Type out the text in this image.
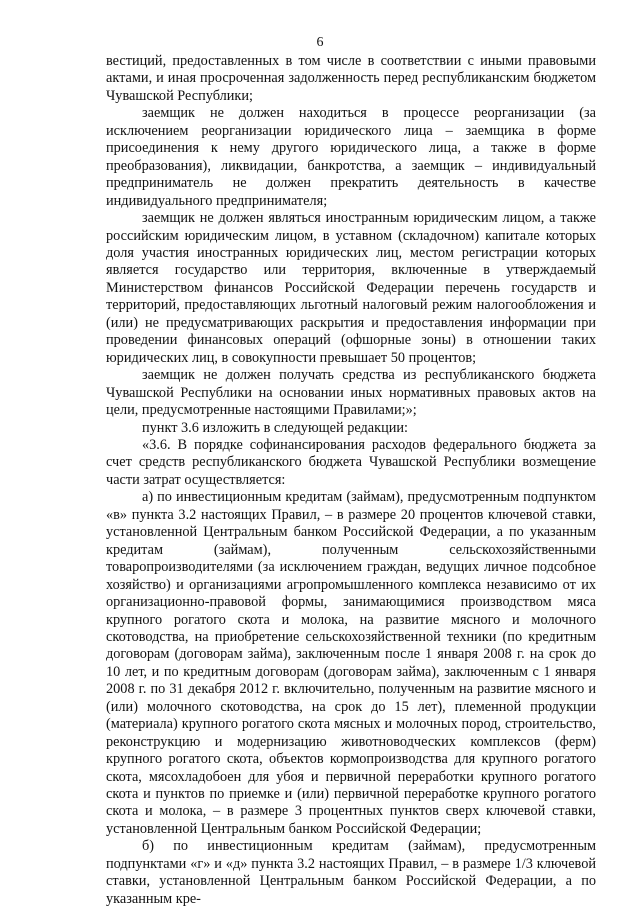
6

вестиций, предоставленных в том числе в соответствии с иными правовыми актами, и иная просроченная задолженность перед республиканским бюджетом Чувашской Республики;

заемщик не должен находиться в процессе реорганизации (за исключением реорганизации юридического лица – заемщика в форме присоединения к нему другого юридического лица, а также в форме преобразования), ликвидации, банкротства, а заемщик – индивидуальный предприниматель не должен прекратить деятельность в качестве индивидуального предпринимателя;

заемщик не должен являться иностранным юридическим лицом, а также российским юридическим лицом, в уставном (складочном) капитале которых доля участия иностранных юридических лиц, местом регистрации которых является государство или территория, включенные в утверждаемый Министерством финансов Российской Федерации перечень государств и территорий, предоставляющих льготный налоговый режим налогообложения и (или) не предусматривающих раскрытия и предоставления информации при проведении финансовых операций (офшорные зоны) в отношении таких юридических лиц, в совокупности превышает 50 процентов;

заемщик не должен получать средства из республиканского бюджета Чувашской Республики на основании иных нормативных правовых актов на цели, предусмотренные настоящими Правилами;»;

пункт 3.6 изложить в следующей редакции:

«3.6. В порядке софинансирования расходов федерального бюджета за счет средств республиканского бюджета Чувашской Республики возмещение части затрат осуществляется:

а) по инвестиционным кредитам (займам), предусмотренным подпунктом «в» пункта 3.2 настоящих Правил, – в размере 20 процентов ключевой ставки, установленной Центральным банком Российской Федерации, а по указанным кредитам (займам), полученным сельскохозяйственными товаропроизводителями (за исключением граждан, ведущих личное подсобное хозяйство) и организациями агропромышленного комплекса независимо от их организационно-правовой формы, занимающимися производством мяса крупного рогатого скота и молока, на развитие мясного и молочного скотоводства, на приобретение сельскохозяйственной техники (по кредитным договорам (договорам займа), заключенным после 1 января 2008 г. на срок до 10 лет, и по кредитным договорам (договорам займа), заключенным с 1 января 2008 г. по 31 декабря 2012 г. включительно, полученным на развитие мясного и (или) молочного скотоводства, на срок до 15 лет), племенной продукции (материала) крупного рогатого скота мясных и молочных пород, строительство, реконструкцию и модернизацию животноводческих комплексов (ферм) крупного рогатого скота, объектов кормопроизводства для крупного рогатого скота, мясохладобоен для убоя и первичной переработки крупного рогатого скота и пунктов по приемке и (или) первичной переработке крупного рогатого скота и молока, – в размере 3 процентных пунктов сверх ключевой ставки, установленной Центральным банком Российской Федерации;

б) по инвестиционным кредитам (займам), предусмотренным подпунктами «г» и «д» пункта 3.2 настоящих Правил, – в размере 1/3 ключевой ставки, установленной Центральным банком Российской Федерации, а по указанным кре-
